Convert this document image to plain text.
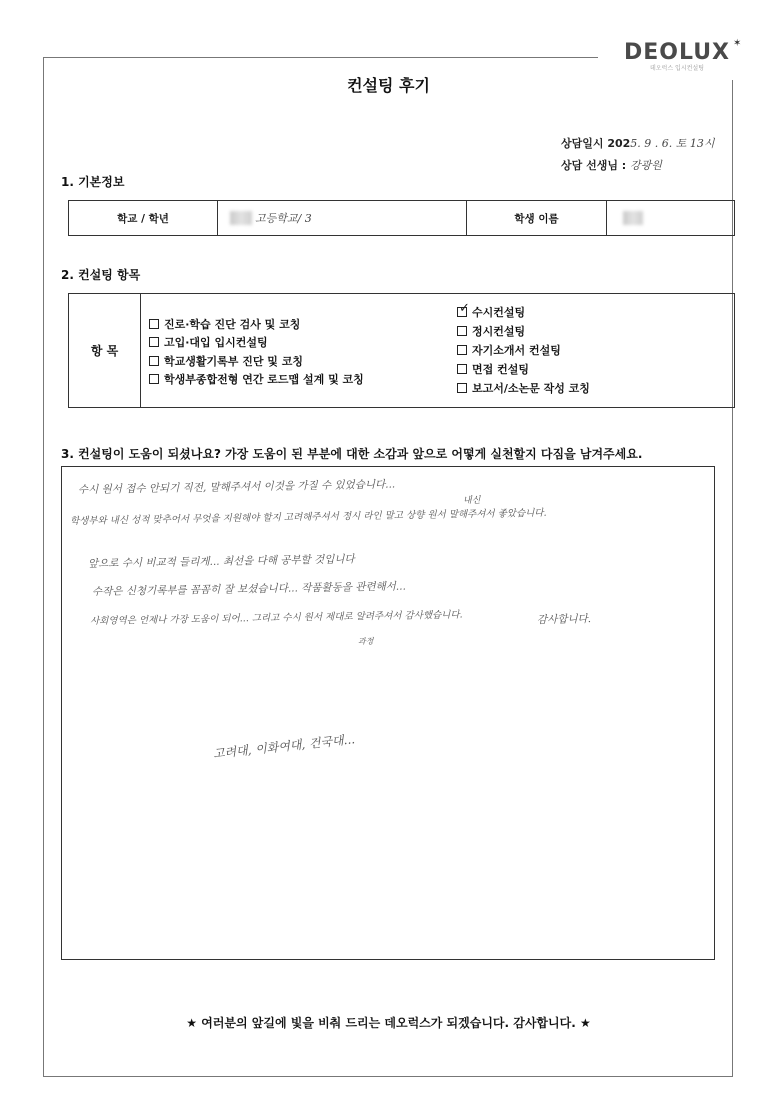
DEOLUX ✶
데오럭스 입시컨설팅
컨설팅 후기
상담일시 2025. 9 . 6. 토 13시
상담 선생님 : 강광원
1. 기본정보
학교 / 학년	고등학교/ 3	학생 이름
2. 컨설팅 항목
항 목
진로·학습 진단 검사 및 코칭
고입·대입 입시컨설팅
학교생활기록부 진단 및 코칭
학생부종합전형 연간 로드맵 설계 및 코칭
✓ 수시컨설팅
정시컨설팅
자기소개서 컨설팅
면접 컨설팅
보고서/소논문 작성 코칭
3. 컨설팅이 도움이 되셨나요? 가장 도움이 된 부분에 대한 소감과 앞으로 어떻게 실천할지 다짐을 남겨주세요.
수시 원서 접수 안되기 직전, 말해주셔서 이것을 가질 수 있었습니다...
내신
학생부와 내신 성적 맞추어서 무엇을 지원해야 할지 고려해주셔서 정시 라인 말고 상향 원서 말해주셔서 좋았습니다.
앞으로 수시 비교적 들리게... 최선을 다해 공부할 것입니다
수작은 신청기록부를 꼼꼼히 잘 보셨습니다... 작품활동을 관련해서...
사회영역은 언제나 가장 도움이 되어... 그리고 수시 원서 제대로 알려주셔서 감사했습니다.	감사합니다.
과정
고려대, 이화여대, 건국대...
★ 여러분의 앞길에 빛을 비춰 드리는 데오럭스가 되겠습니다. 감사합니다. ★
